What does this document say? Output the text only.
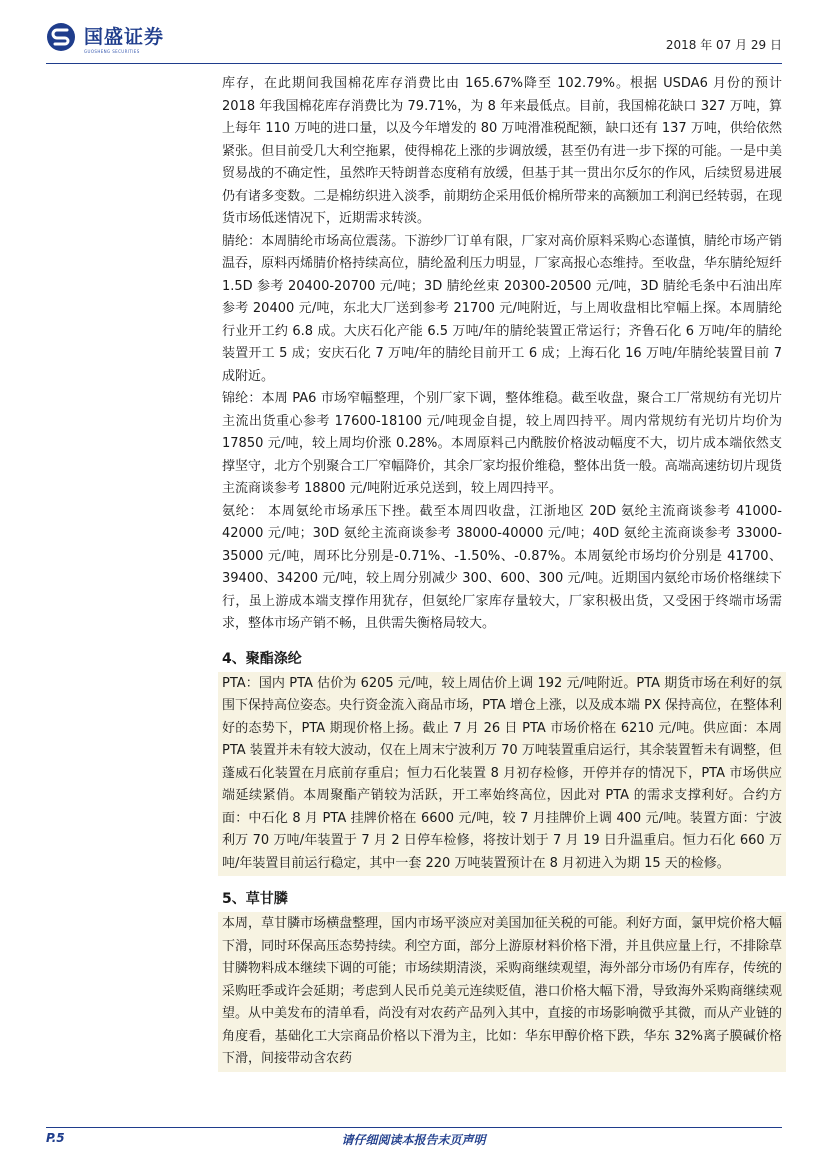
国盛证券
GUOSHENG SECURITIES	2018 年 07 月 29 日
库存，在此期间我国棉花库存消费比由 165.67%降至 102.79%。根据 USDA6 月份的预计 2018 年我国棉花库存消费比为 79.71%，为 8 年来最低点。目前，我国棉花缺口 327 万吨，算上每年 110 万吨的进口量，以及今年增发的 80 万吨滑准税配额，缺口还有 137 万吨，供给依然紧张。但目前受几大利空拖累，使得棉花上涨的步调放缓，甚至仍有进一步下探的可能。一是中美贸易战的不确定性，虽然昨天特朗普态度稍有放缓，但基于其一贯出尔反尔的作风，后续贸易进展仍有诸多变数。二是棉纺织进入淡季，前期纺企采用低价棉所带来的高额加工利润已经转弱，在现货市场低迷情况下，近期需求转淡。
腈纶：本周腈纶市场高位震荡。下游纱厂订单有限，厂家对高价原料采购心态谨慎，腈纶市场产销温吞，原料丙烯腈价格持续高位，腈纶盈利压力明显，厂家高报心态维持。至收盘，华东腈纶短纤 1.5D 参考 20400-20700 元/吨；3D 腈纶丝束 20300-20500 元/吨，3D 腈纶毛条中石油出库参考 20400 元/吨，东北大厂送到参考 21700 元/吨附近，与上周收盘相比窄幅上探。本周腈纶行业开工约 6.8 成。大庆石化产能 6.5 万吨/年的腈纶装置正常运行；齐鲁石化 6 万吨/年的腈纶装置开工 5 成；安庆石化 7 万吨/年的腈纶目前开工 6 成；上海石化 16 万吨/年腈纶装置目前 7 成附近。
锦纶：本周 PA6 市场窄幅整理，个别厂家下调，整体维稳。截至收盘，聚合工厂常规纺有光切片主流出货重心参考 17600-18100 元/吨现金自提，较上周四持平。周内常规纺有光切片均价为 17850 元/吨，较上周均价涨 0.28%。本周原料己内酰胺价格波动幅度不大，切片成本端依然支撑坚守，北方个别聚合工厂窄幅降价，其余厂家均报价维稳，整体出货一般。高端高速纺切片现货主流商谈参考 18800 元/吨附近承兑送到，较上周四持平。
氨纶： 本周氨纶市场承压下挫。截至本周四收盘，江浙地区 20D 氨纶主流商谈参考 41000-42000 元/吨；30D 氨纶主流商谈参考 38000-40000 元/吨；40D 氨纶主流商谈参考 33000-35000 元/吨，周环比分别是-0.71%、-1.50%、-0.87%。本周氨纶市场均价分别是 41700、39400、34200 元/吨，较上周分别减少 300、600、300 元/吨。近期国内氨纶市场价格继续下行，虽上游成本端支撑作用犹存，但氨纶厂家库存量较大，厂家积极出货，又受困于终端市场需求，整体市场产销不畅，且供需失衡格局较大。
4、聚酯涤纶
PTA：国内 PTA 估价为 6205 元/吨，较上周估价上调 192 元/吨附近。PTA 期货市场在利好的氛围下保持高位姿态。央行资金流入商品市场，PTA 增仓上涨，以及成本端 PX 保持高位，在整体利好的态势下，PTA 期现价格上扬。截止 7 月 26 日 PTA 市场价格在 6210 元/吨。供应面：本周 PTA 装置并未有较大波动，仅在上周末宁波利万 70 万吨装置重启运行，其余装置暂未有调整，但蓬威石化装置在月底前存重启；恒力石化装置 8 月初存检修，开停并存的情况下，PTA 市场供应端延续紧俏。本周聚酯产销较为活跃，开工率始终高位，因此对 PTA 的需求支撑利好。合约方面：中石化 8 月 PTA 挂牌价格在 6600 元/吨，较 7 月挂牌价上调 400 元/吨。装置方面：宁波利万 70 万吨/年装置于 7 月 2 日停车检修，将按计划于 7 月 19 日升温重启。恒力石化 660 万吨/年装置目前运行稳定，其中一套 220 万吨装置预计在 8 月初进入为期 15 天的检修。
5、草甘膦
本周，草甘膦市场横盘整理，国内市场平淡应对美国加征关税的可能。利好方面，氯甲烷价格大幅下滑，同时环保高压态势持续。利空方面，部分上游原材料价格下滑，并且供应量上行，不排除草甘膦物料成本继续下调的可能；市场续期清淡，采购商继续观望，海外部分市场仍有库存，传统的采购旺季或许会延期；考虑到人民币兑美元连续贬值，港口价格大幅下滑，导致海外采购商继续观望。从中美发布的清单看，尚没有对农药产品列入其中，直接的市场影响微乎其微，而从产业链的角度看，基础化工大宗商品价格以下滑为主，比如：华东甲醇价格下跌，华东 32%离子膜碱价格下滑，间接带动含农药
P.5	请仔细阅读本报告末页声明
